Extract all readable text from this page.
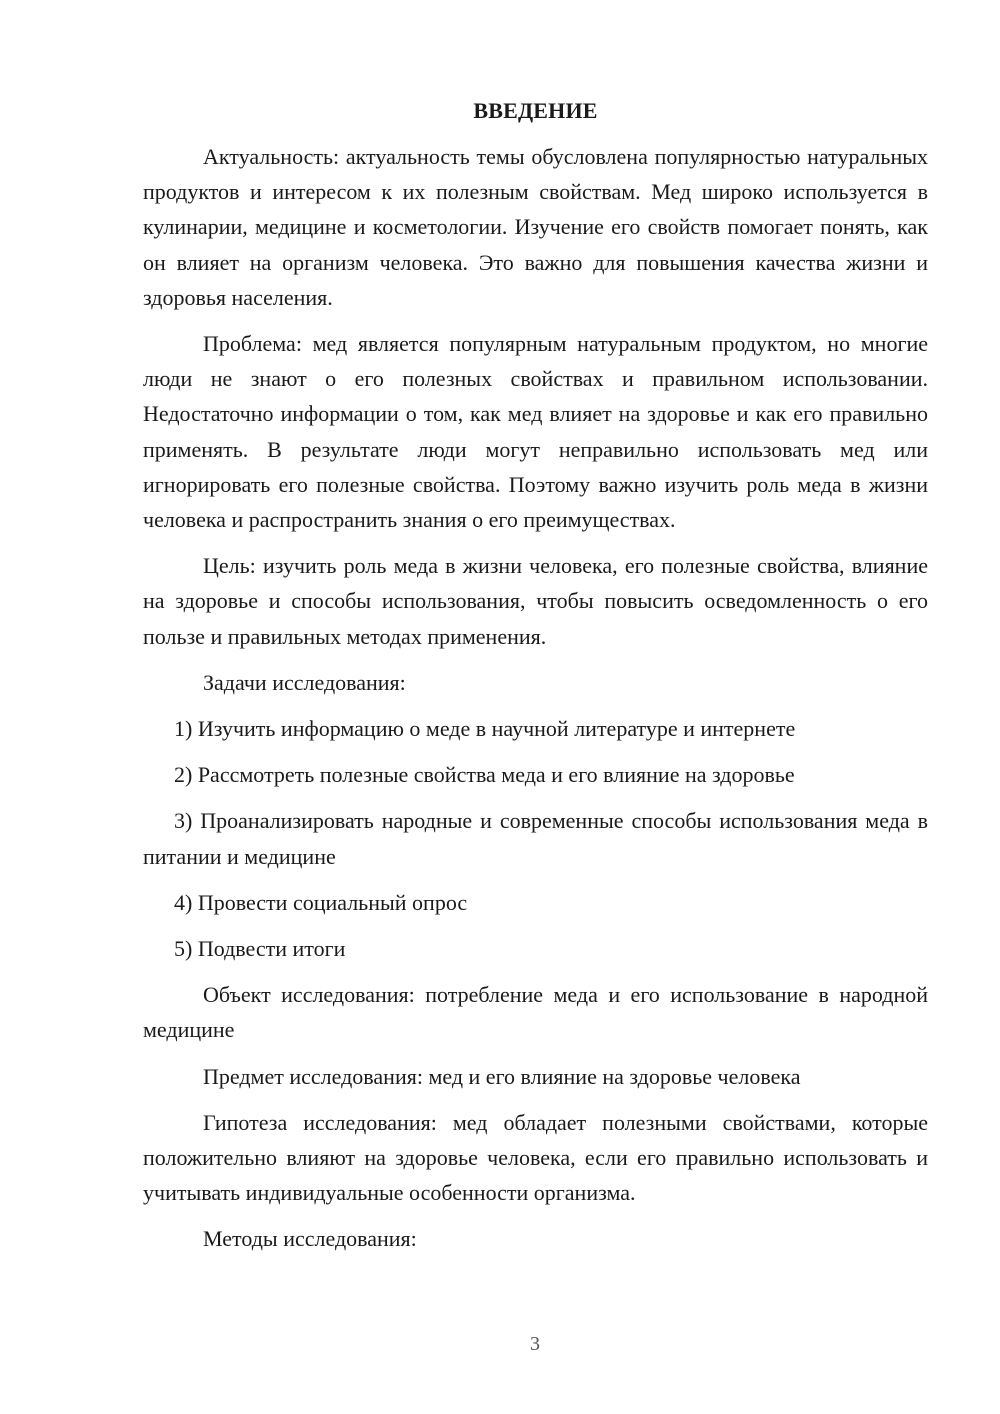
ВВЕДЕНИЕ

Актуальность: актуальность темы обусловлена популярностью натуральных продуктов и интересом к их полезным свойствам. Мед широко используется в кулинарии, медицине и косметологии. Изучение его свойств помогает понять, как он влияет на организм человека. Это важно для повышения качества жизни и здоровья населения.

Проблема: мед является популярным натуральным продуктом, но многие люди не знают о его полезных свойствах и правильном использовании. Недостаточно информации о том, как мед влияет на здоровье и как его правильно применять. В результате люди могут неправильно использовать мед или игнорировать его полезные свойства. Поэтому важно изучить роль меда в жизни человека и распространить знания о его преимуществах.

Цель: изучить роль меда в жизни человека, его полезные свойства, влияние на здоровье и способы использования, чтобы повысить осведомленность о его пользе и правильных методах применения.

Задачи исследования:

1) Изучить информацию о меде в научной литературе и интернете

2) Рассмотреть полезные свойства меда и его влияние на здоровье

3) Проанализировать народные и современные способы использования меда в питании и медицине

4) Провести социальный опрос

5) Подвести итоги

Объект исследования: потребление меда и его использование в народной медицине

Предмет исследования: мед и его влияние на здоровье человека

Гипотеза исследования: мед обладает полезными свойствами, которые положительно влияют на здоровье человека, если его правильно использовать и учитывать индивидуальные особенности организма.

Методы исследования:

3
